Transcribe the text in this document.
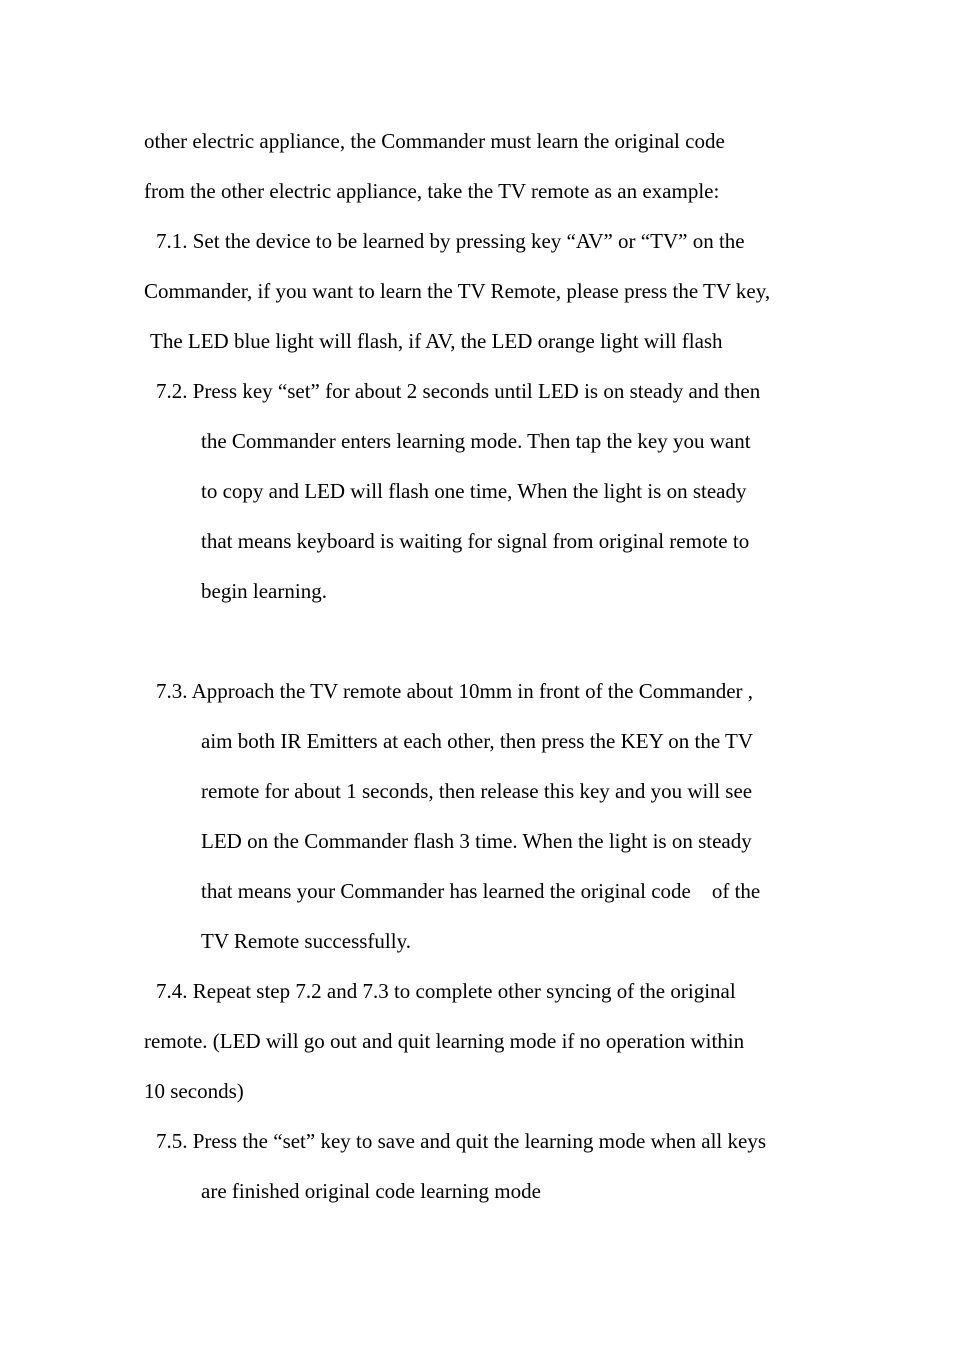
other electric appliance, the Commander must learn the original code
from the other electric appliance, take the TV remote as an example:
7.1. Set the device to be learned by pressing key “AV” or “TV” on the
Commander, if you want to learn the TV Remote, please press the TV key,
The LED blue light will flash, if AV, the LED orange light will flash
7.2. Press key “set” for about 2 seconds until LED is on steady and then
the Commander enters learning mode. Then tap the key you want
to copy and LED will flash one time, When the light is on steady
that means keyboard is waiting for signal from original remote to
begin learning.
7.3. Approach the TV remote about 10mm in front of the Commander ,
aim both IR Emitters at each other, then press the KEY on the TV
remote for about 1 seconds, then release this key and you will see
LED on the Commander flash 3 time. When the light is on steady
that means your Commander has learned the original code    of the
TV Remote successfully.
7.4. Repeat step 7.2 and 7.3 to complete other syncing of the original
remote. (LED will go out and quit learning mode if no operation within
10 seconds)
7.5. Press the “set” key to save and quit the learning mode when all keys
are finished original code learning mode
